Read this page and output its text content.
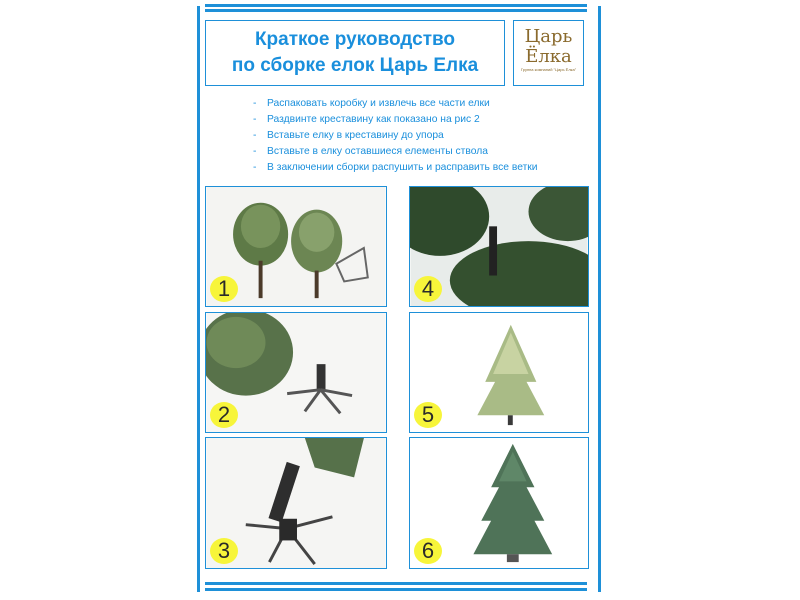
Краткое руководство
по сборке елок Царь Елка
Царь
Ёлка
Группа компаний "Царь Ёлка"
- Распаковать коробку и извлечь все части елки
- Раздвинте креставину как показано на рис 2
- Вставьте елку в креставину до упора
- Вставьте в елку оставшиеся елементы ствола
- В заключении сборки распушить и расправить все ветки
1
2
3
4
5
6
